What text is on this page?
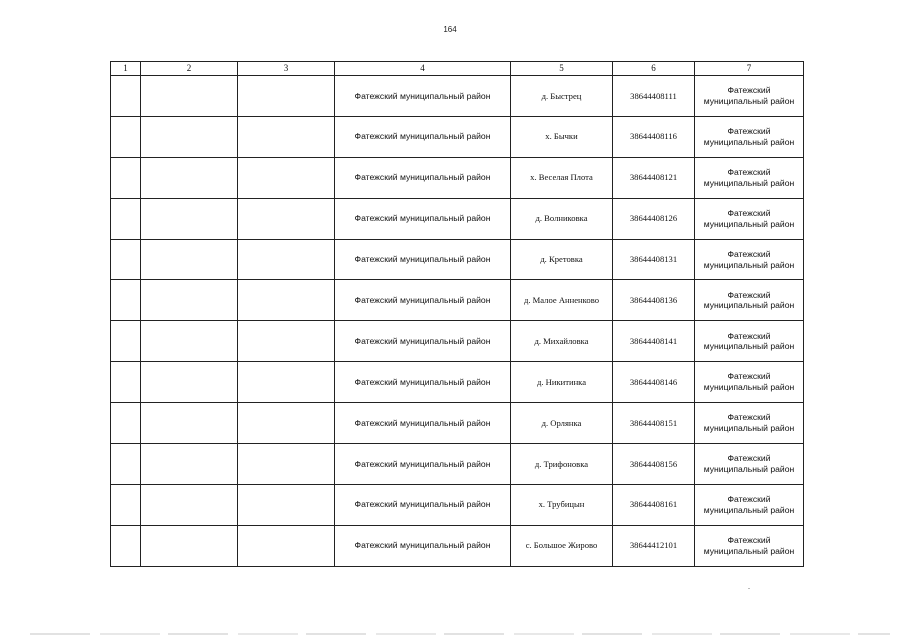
164
1	2	3	4	5	6	7
			Фатежский муниципальный район	д. Быстрец	38644408111	Фатежский
муниципальный район

			Фатежский муниципальный район	х. Бычки	38644408116	Фатежский
муниципальный район

			Фатежский муниципальный район	х. Веселая Плота	38644408121	Фатежский
муниципальный район

			Фатежский муниципальный район	д. Волниковка	38644408126	Фатежский
муниципальный район

			Фатежский муниципальный район	д. Кретовка	38644408131	Фатежский
муниципальный район

			Фатежский муниципальный район	д. Малое Анненково	38644408136	Фатежский
муниципальный район

			Фатежский муниципальный район	д. Михайловка	38644408141	Фатежский
муниципальный район

			Фатежский муниципальный район	д. Никитинка	38644408146	Фатежский
муниципальный район

			Фатежский муниципальный район	д. Орлянка	38644408151	Фатежский
муниципальный район

			Фатежский муниципальный район	д. Трифоновка	38644408156	Фатежский
муниципальный район

			Фатежский муниципальный район	х. Трубицын	38644408161	Фатежский
муниципальный район

			Фатежский муниципальный район	с. Большое Жирово	38644412101	Фатежский
муниципальный район
